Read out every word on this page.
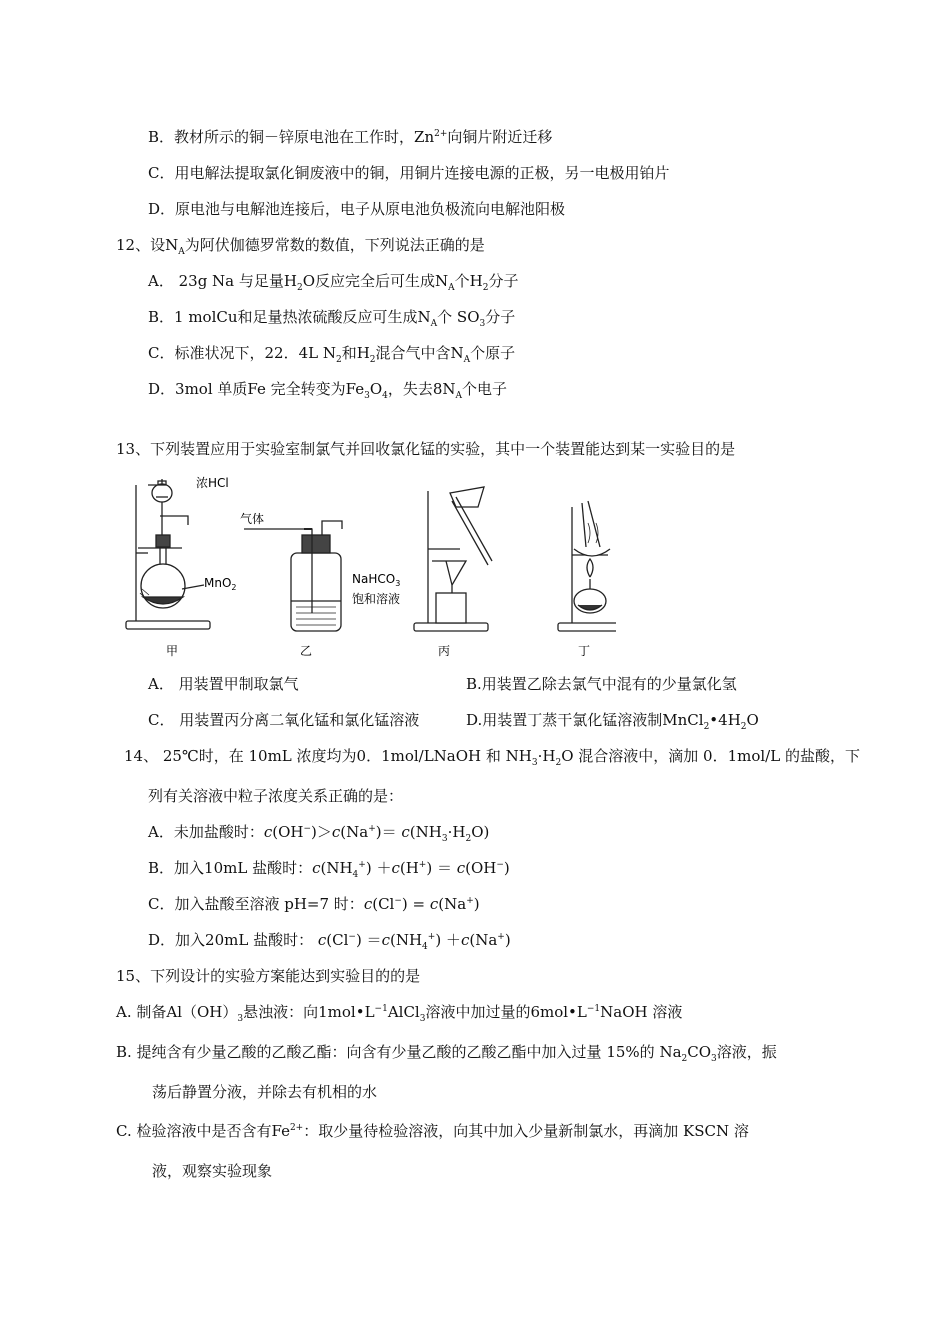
B．教材所示的铜－锌原电池在工作时，$Zn^{2+}$向铜片附近迁移
C．用电解法提取氯化铜废液中的铜，用铜片连接电源的正极，另一电极用铂片
D．原电池与电解池连接后，电子从原电池负极流向电解池阳极
12、设$N_A$为阿伏伽德罗常数的数值，下列说法正确的是
A． 23g Na 与足量$H_2O$反应完全后可生成$N_A$个$H_2$分子
B．1 molCu和足量热浓硫酸反应可生成$N_A$个 $SO_3$分子
C．标准状况下，22．4L $N_2$和$H_2$混合气中含$N_A$个原子
D．3mol 单质Fe 完全转变为$Fe_3O_4$，失去$8N_A$个电子
13、下列装置应用于实验室制氯气并回收氯化锰的实验，其中一个装置能达到某一实验目的是
浓HCl
MnO$_2$
气体
NaHCO$_3$
饱和溶液
甲	乙	丙	丁
A． 用装置甲制取氯气	B.用装置乙除去氯气中混有的少量氯化氢
C． 用装置丙分离二氧化锰和氯化锰溶液	D.用装置丁蒸干氯化锰溶液制$MnCl_2•4H_2O$
14、 25℃时，在 10mL 浓度均为0．1mol/LNaOH 和 $NH_3\cdot H_2O$ 混合溶液中，滴加 0．1mol/L 的盐酸，下
列有关溶液中粒子浓度关系正确的是：
A．未加盐酸时：$c(OH^-)>c(Na^+)= c(NH_3\cdot H_2O)$
B．加入10mL 盐酸时：$c(NH_4^+) +c(H^+) = c(OH^-)$
C．加入盐酸至溶液 pH=7 时：c(Cl−) = c(Na+)
D．加入20mL 盐酸时： $c(Cl^-) =c(NH_4^+) +c(Na^+)$
15、下列设计的实验方案能达到实验目的的是
A. 制备$Al(OH)_3$悬浊液：向$1mol•L^{-1}AlCl_3$溶液中加过量的$6mol•L^{-1}NaOH$ 溶液
B. 提纯含有少量乙酸的乙酸乙酯：向含有少量乙酸的乙酸乙酯中加入过量 15%的 $Na_2CO_3$溶液，振
荡后静置分液，并除去有机相的水
C. 检验溶液中是否含有$Fe^{2+}$：取少量待检验溶液，向其中加入少量新制氯水，再滴加 KSCN 溶
液，观察实验现象
